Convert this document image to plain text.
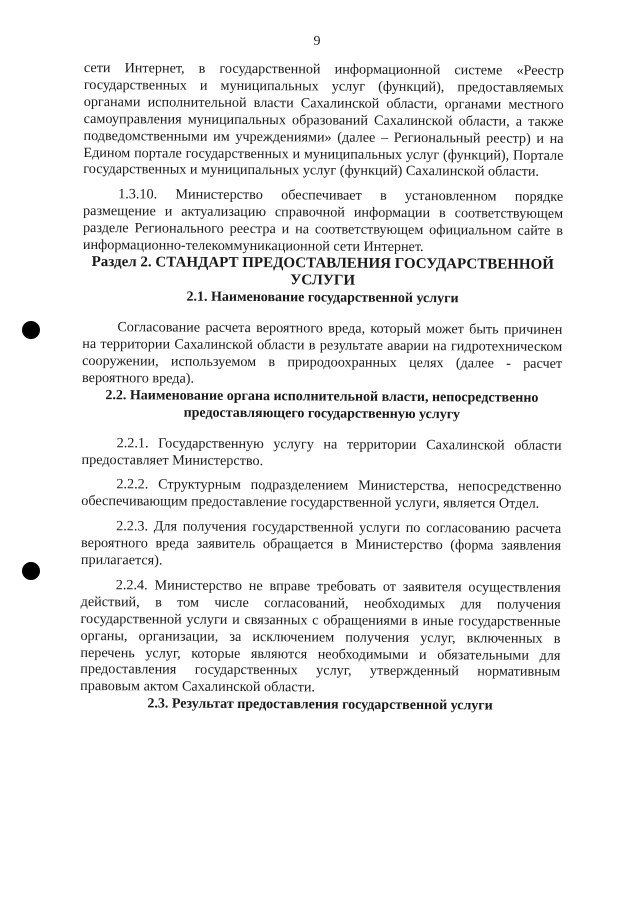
9

сети Интернет, в государственной информационной системе «Реестр государственных и муниципальных услуг (функций), предоставляемых органами исполнительной власти Сахалинской области, органами местного самоуправления муниципальных образований Сахалинской области, а также подведомственными им учреждениями» (далее – Региональный реестр) и на Едином портале государственных и муниципальных услуг (функций), Портале государственных и муниципальных услуг (функций) Сахалинской области.

1.3.10. Министерство обеспечивает в установленном порядке размещение и актуализацию справочной информации в соответствующем разделе Регионального реестра и на соответствующем официальном сайте в информационно-телекоммуникационной сети Интернет.

Раздел 2. СТАНДАРТ ПРЕДОСТАВЛЕНИЯ ГОСУДАРСТВЕННОЙ УСЛУГИ

2.1. Наименование государственной услуги

Согласование расчета вероятного вреда, который может быть причинен на территории Сахалинской области в результате аварии на гидротехническом сооружении, используемом в природоохранных целях (далее - расчет вероятного вреда).

2.2. Наименование органа исполнительной власти, непосредственно предоставляющего государственную услугу

2.2.1. Государственную услугу на территории Сахалинской области предоставляет Министерство.

2.2.2. Структурным подразделением Министерства, непосредственно обеспечивающим предоставление государственной услуги, является Отдел.

2.2.3. Для получения государственной услуги по согласованию расчета вероятного вреда заявитель обращается в Министерство (форма заявления прилагается).

2.2.4. Министерство не вправе требовать от заявителя осуществления действий, в том числе согласований, необходимых для получения государственной услуги и связанных с обращениями в иные государственные органы, организации, за исключением получения услуг, включенных в перечень услуг, которые являются необходимыми и обязательными для предоставления государственных услуг, утвержденный нормативным правовым актом Сахалинской области.

2.3. Результат предоставления государственной услуги
